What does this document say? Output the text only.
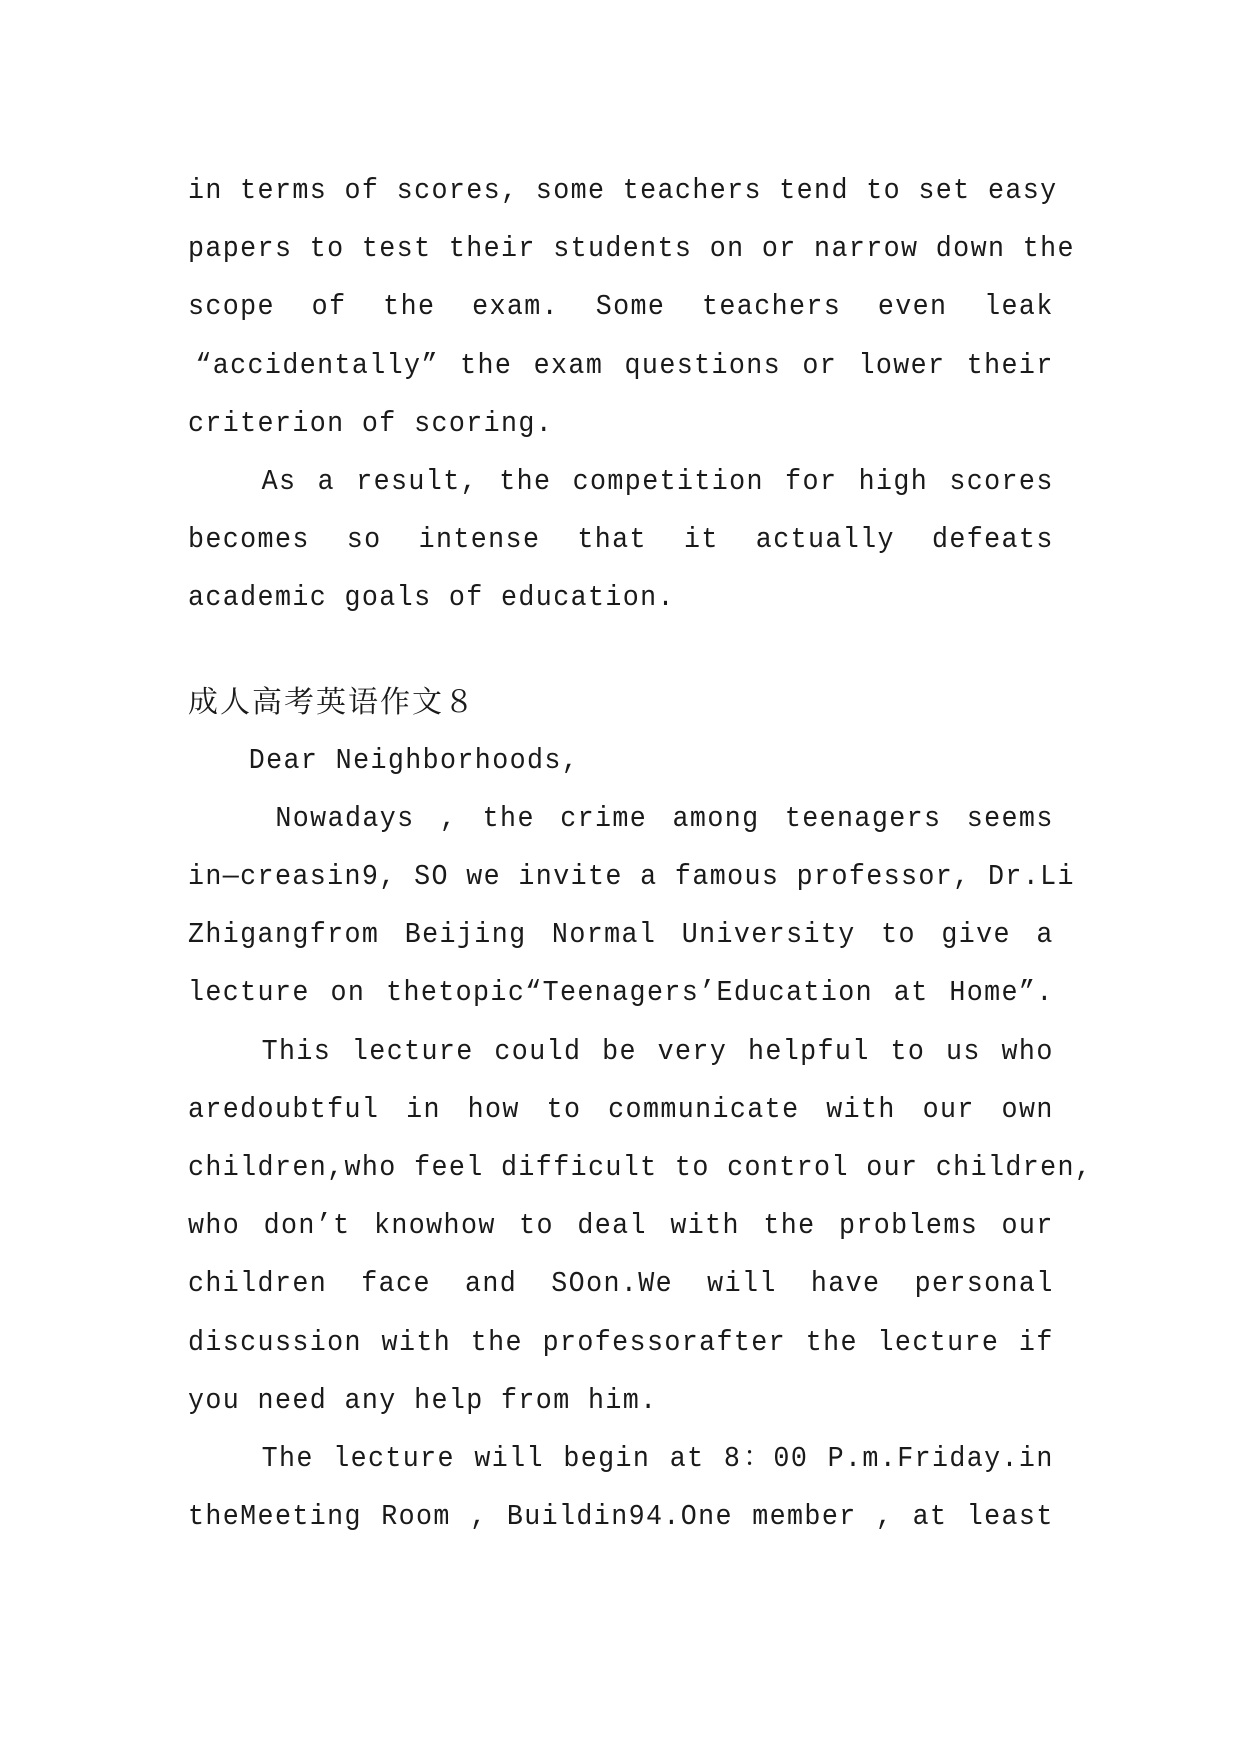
in terms of scores, some teachers tend to set easy
papers to test their students on or narrow down the
scope of the exam. Some teachers even leak
“accidentally” the exam questions or lower their
criterion of scoring.
As a result, the competition for high scores
becomes so intense that it actually defeats
academic goals of education.
成人高考英语作文８
Dear Neighborhoods,
Nowadays , the crime among teenagers seems
in—creasin9, SO we invite a famous professor, Dr.Li
Zhigangfrom Beijing Normal University to give a
lecture on thetopic“Teenagers’Education at Home”.
This lecture could be very helpful to us who
aredoubtful in how to communicate with our own
children,who feel difficult to control our children,
who don’t knowhow to deal with the problems our
children face and SOon.We will have personal
discussion with the professorafter the lecture if
you need any help from him.
The lecture will begin at 8：00 P.m.Friday.in
theMeeting Room , Buildin94.One member , at least
